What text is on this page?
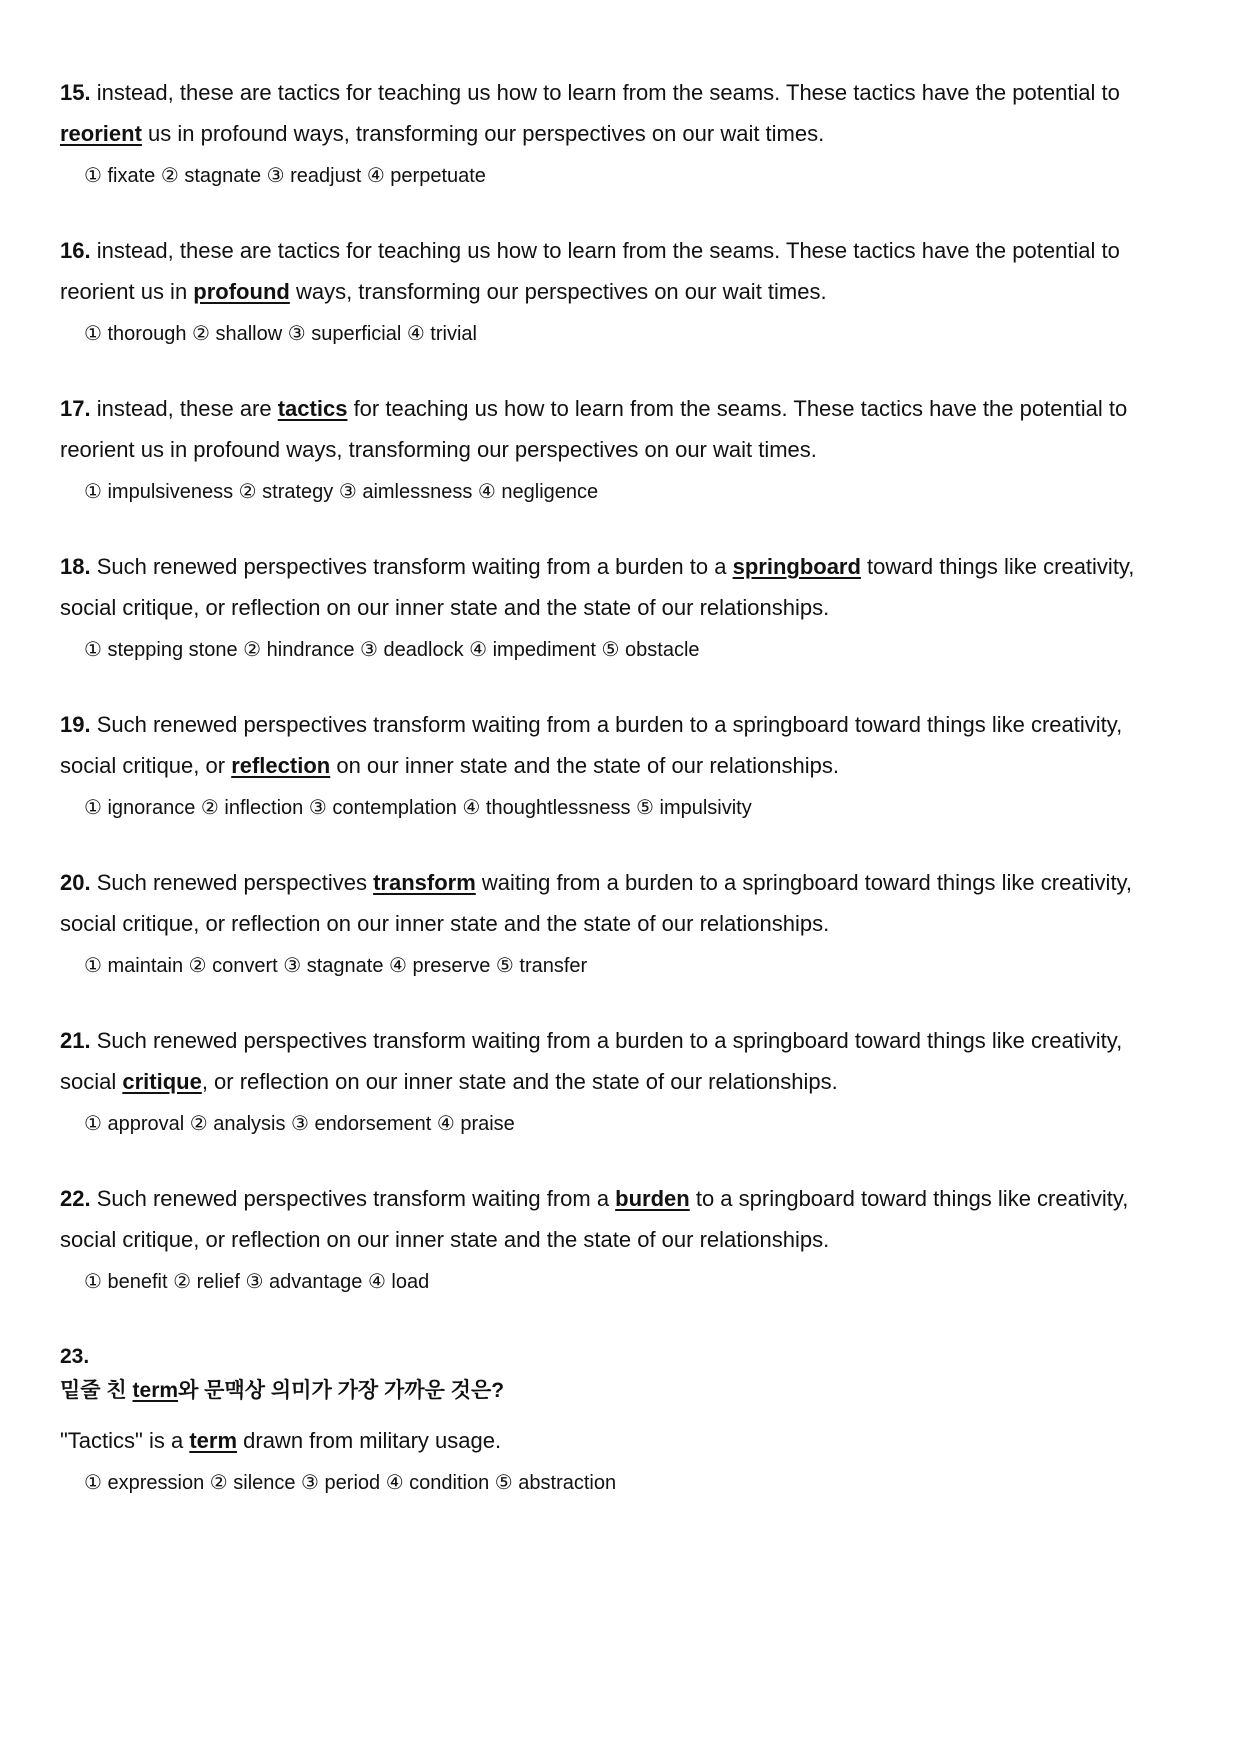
15. instead, these are tactics for teaching us how to learn from the seams. These tactics have the potential to reorient us in profound ways, transforming our perspectives on our wait times.

① fixate ② stagnate ③ readjust ④ perpetuate

16. instead, these are tactics for teaching us how to learn from the seams. These tactics have the potential to reorient us in profound ways, transforming our perspectives on our wait times.

① thorough ② shallow ③ superficial ④ trivial

17. instead, these are tactics for teaching us how to learn from the seams. These tactics have the potential to reorient us in profound ways, transforming our perspectives on our wait times.

① impulsiveness ② strategy ③ aimlessness ④ negligence

18. Such renewed perspectives transform waiting from a burden to a springboard toward things like creativity, social critique, or reflection on our inner state and the state of our relationships.

① stepping stone ② hindrance ③ deadlock ④ impediment ⑤ obstacle

19. Such renewed perspectives transform waiting from a burden to a springboard toward things like creativity, social critique, or reflection on our inner state and the state of our relationships.

① ignorance ② inflection ③ contemplation ④ thoughtlessness ⑤ impulsivity

20. Such renewed perspectives transform waiting from a burden to a springboard toward things like creativity, social critique, or reflection on our inner state and the state of our relationships.

① maintain ② convert ③ stagnate ④ preserve ⑤ transfer

21. Such renewed perspectives transform waiting from a burden to a springboard toward things like creativity, social critique, or reflection on our inner state and the state of our relationships.

① approval ② analysis ③ endorsement ④ praise

22. Such renewed perspectives transform waiting from a burden to a springboard toward things like creativity, social critique, or reflection on our inner state and the state of our relationships.

① benefit ② relief ③ advantage ④ load

23.

밑줄 친 term와 문맥상 의미가 가장 가까운 것은?

"Tactics" is a term drawn from military usage.

① expression ② silence ③ period ④ condition ⑤ abstraction
